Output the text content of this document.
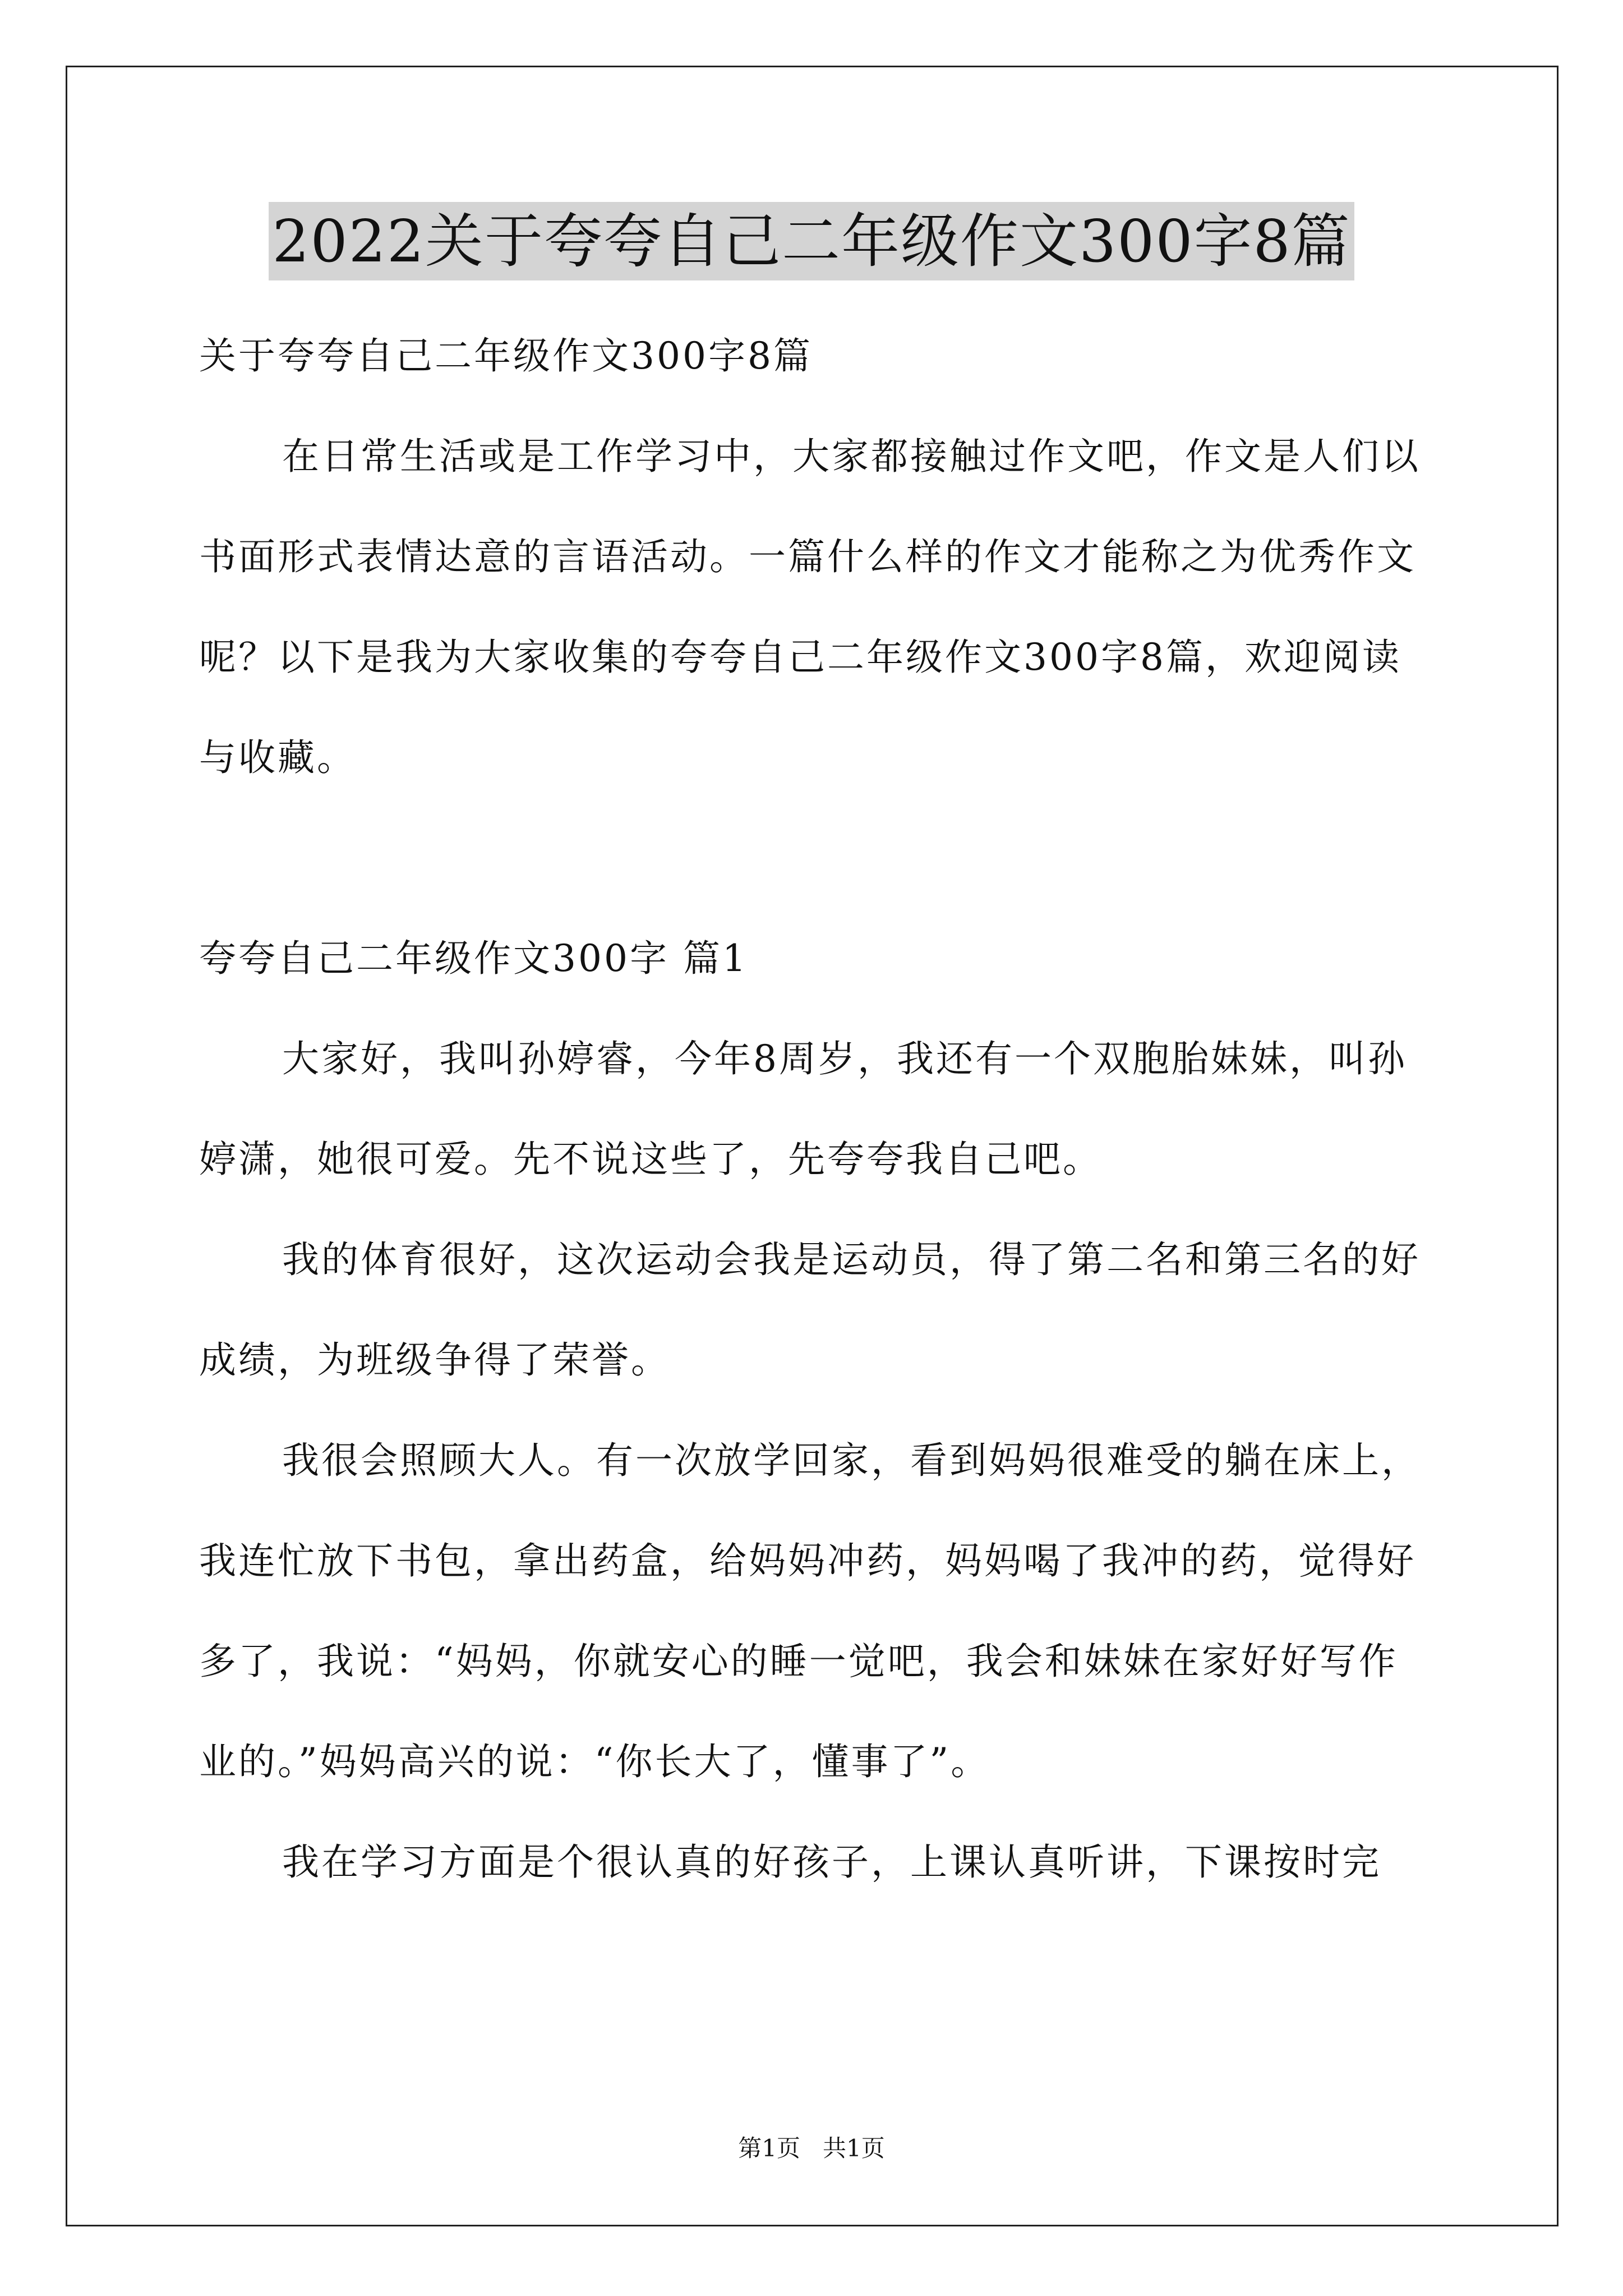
2022关于夸夸自己二年级作文300字8篇

关于夸夸自己二年级作文300字8篇

在日常生活或是工作学习中，大家都接触过作文吧，作文是人们以书面形式表情达意的言语活动。一篇什么样的作文才能称之为优秀作文呢？以下是我为大家收集的夸夸自己二年级作文300字8篇，欢迎阅读与收藏。

夸夸自己二年级作文300字 篇1

大家好，我叫孙婷睿，今年8周岁，我还有一个双胞胎妹妹，叫孙婷潇，她很可爱。先不说这些了，先夸夸我自己吧。

我的体育很好，这次运动会我是运动员，得了第二名和第三名的好成绩，为班级争得了荣誉。

我很会照顾大人。有一次放学回家，看到妈妈很难受的躺在床上，我连忙放下书包，拿出药盒，给妈妈冲药，妈妈喝了我冲的药，觉得好多了，我说：“妈妈，你就安心的睡一觉吧，我会和妹妹在家好好写作业的。”妈妈高兴的说：“你长大了，懂事了”。

我在学习方面是个很认真的好孩子，上课认真听讲，下课按时完

第1页   共1页
